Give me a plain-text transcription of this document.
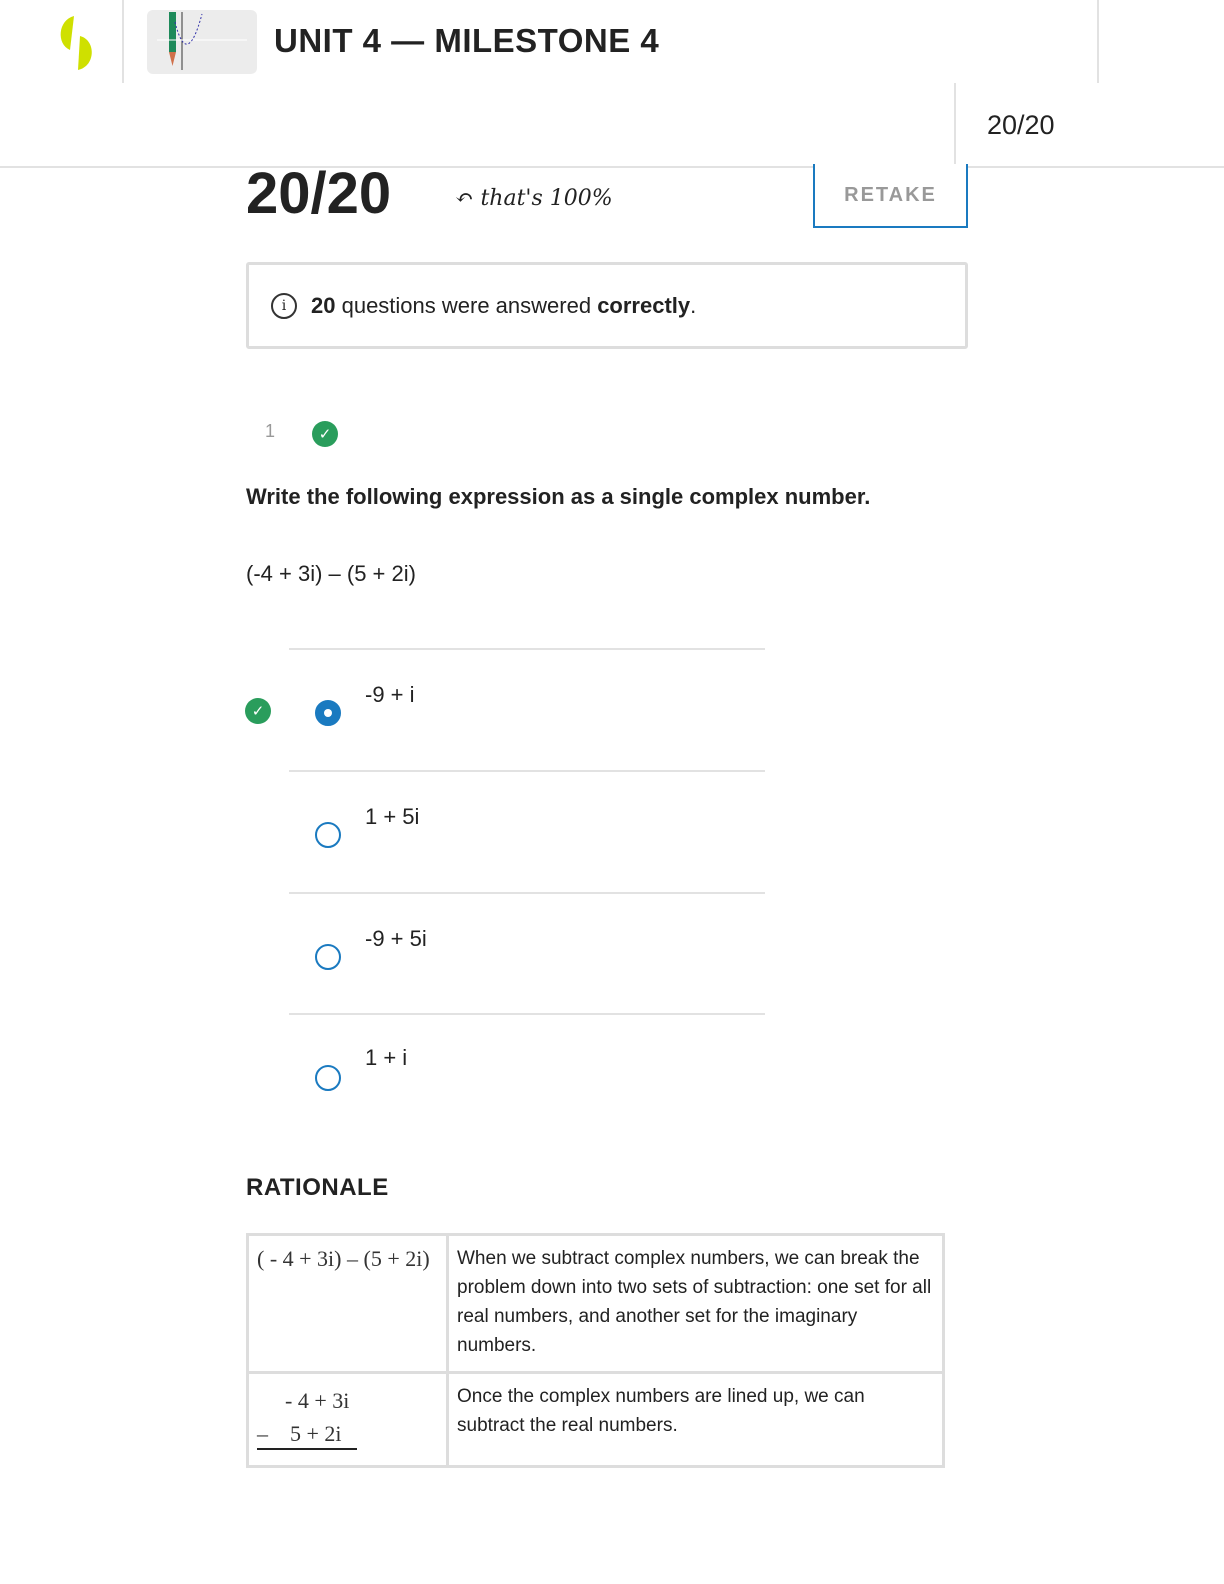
UNIT 4 — MILESTONE 4
20/20
20/20	↶ that's 100%	RETAKE
i	20 questions were answered correctly .
1	✓
Write the following expression as a single complex number.
(-4 + 3i) – (5 + 2i)
✓
-9 + i
1 + 5i
-9 + 5i
1 + i
RATIONALE
( - 4 + 3i) – (5 + 2i)	When we subtract complex numbers, we can break the problem down into two sets of subtraction: one set for all real numbers, and another set for the imaginary numbers.

- 4 + 3i
–    5 + 2i	Once the complex numbers are lined up, we can subtract the real numbers.
